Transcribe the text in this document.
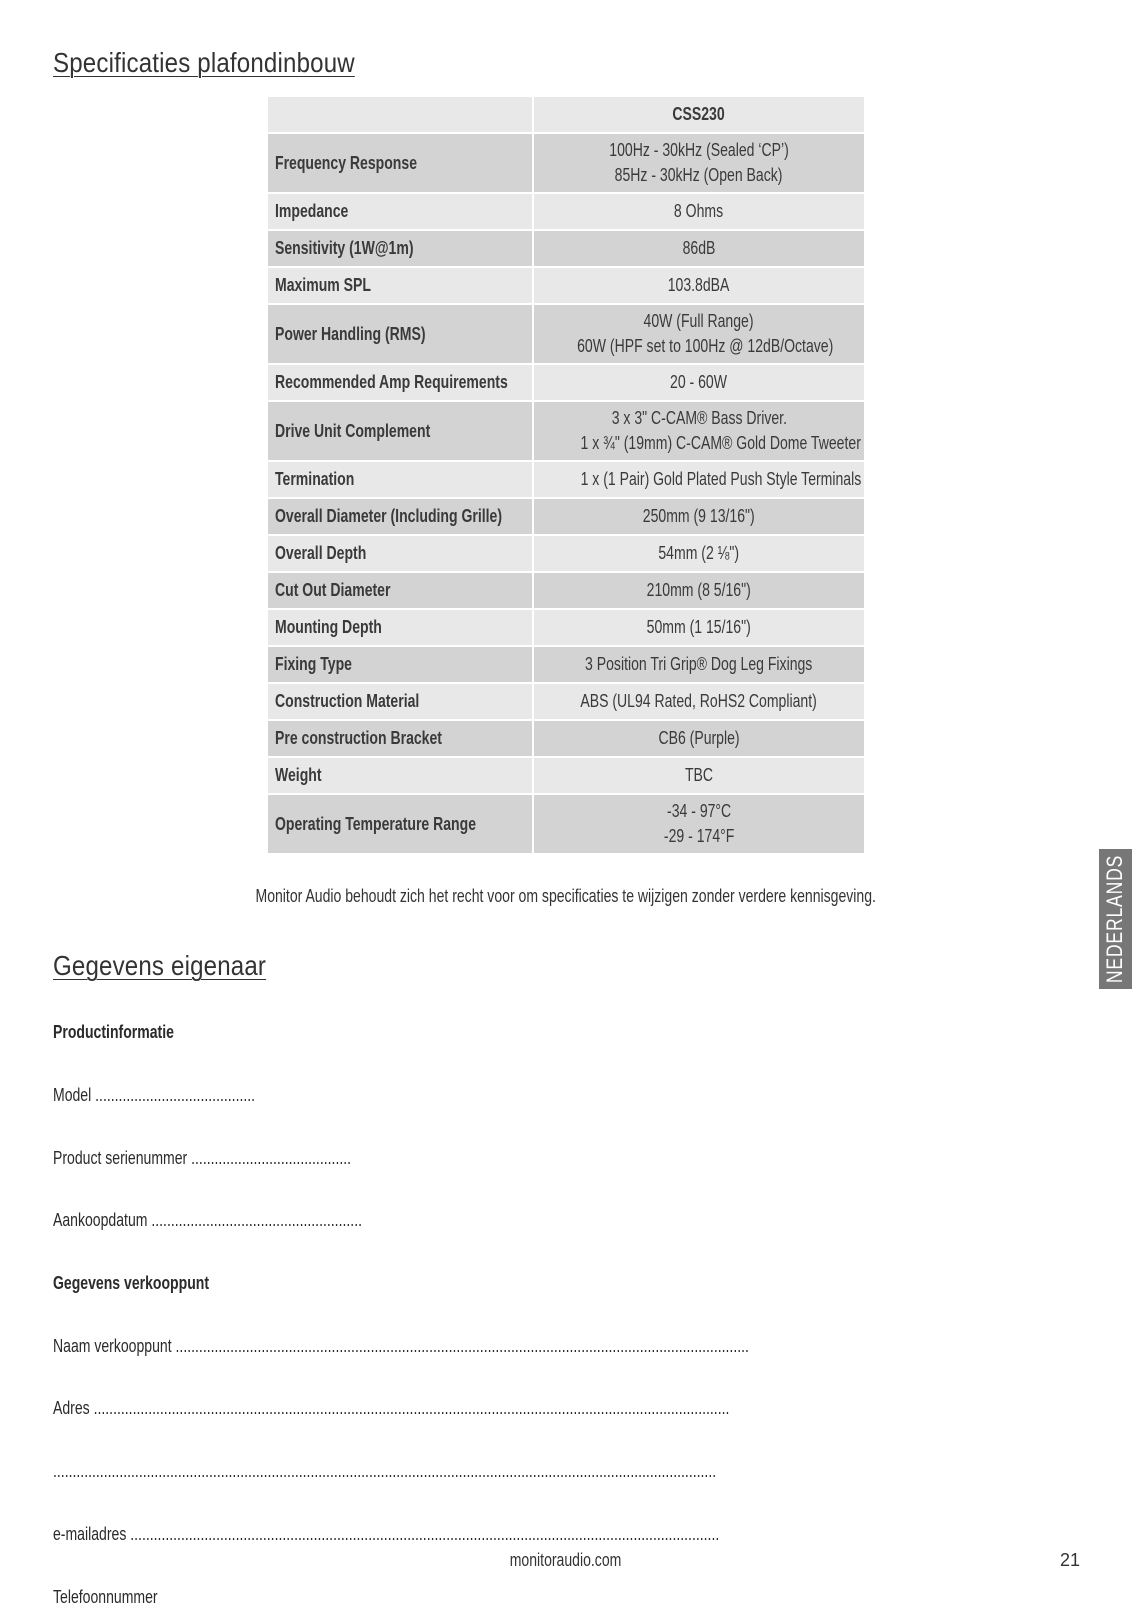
Specificaties plafondinbouw
	CSS230
Frequency Response	100Hz - 30kHz (Sealed ‘CP’)
85Hz - 30kHz (Open Back)

Impedance	8 Ohms

Sensitivity (1W@1m)	86dB

Maximum SPL	103.8dBA

Power Handling (RMS)	40W (Full Range)
60W (HPF set to 100Hz @ 12dB/Octave)

Recommended Amp Requirements	20 - 60W

Drive Unit Complement	3 x 3" C-CAM® Bass Driver.
1 x ¾" (19mm) C-CAM® Gold Dome Tweeter

Termination	1 x (1 Pair) Gold Plated Push Style Terminals

Overall Diameter (Including Grille)	250mm (9 13/16")

Overall Depth	54mm (2 ⅛")

Cut Out Diameter	210mm (8 5/16")

Mounting Depth	50mm (1 15/16")

Fixing Type	3 Position Tri Grip® Dog Leg Fixings

Construction Material	ABS (UL94 Rated, RoHS2 Compliant)

Pre construction Bracket	CB6 (Purple)

Weight	TBC

Operating Temperature Range	-34 - 97°C
-29 - 174°F
Monitor Audio behoudt zich het recht voor om specificaties te wijzigen zonder verdere kennisgeving.
Gegevens eigenaar
Productinformatie
Model .........................................
Product serienummer .........................................
Aankoopdatum ......................................................
Gegevens verkooppunt
Naam verkooppunt ...................................................................................................................................................
Adres ...................................................................................................................................................................
..........................................................................................................................................................................
e-mailadres .......................................................................................................................................................
Telefoonnummer
NEDERLANDS
monitoraudio.com	21
